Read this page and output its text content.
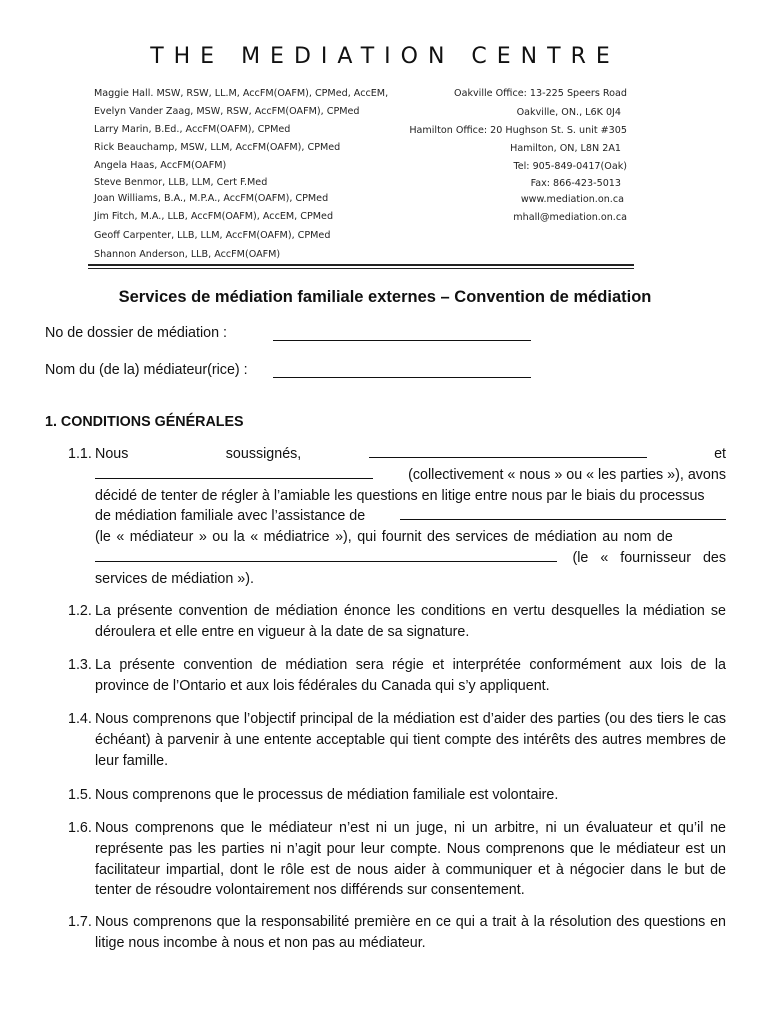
THE MEDIATION CENTRE
Maggie Hall. MSW, RSW, LL.M, AccFM(OAFM), CPMed, AccEM,
Evelyn Vander Zaag, MSW, RSW, AccFM(OAFM), CPMed
Larry Marin, B.Ed., AccFM(OAFM), CPMed
Rick Beauchamp, MSW, LLM, AccFM(OAFM), CPMed
Angela Haas, AccFM(OAFM)
Steve Benmor, LLB, LLM, Cert F.Med
Joan Williams, B.A., M.P.A., AccFM(OAFM), CPMed
Jim Fitch, M.A., LLB, AccFM(OAFM), AccEM, CPMed
Geoff Carpenter, LLB, LLM, AccFM(OAFM), CPMed
Shannon Anderson, LLB, AccFM(OAFM)
Oakville Office: 13-225 Speers Road
Oakville, ON., L6K 0J4
Hamilton Office: 20 Hughson St. S. unit #305
Hamilton, ON, L8N 2A1
Tel: 905-849-0417(Oak)
Fax: 866-423-5013
www.mediation.on.ca
mhall@mediation.on.ca
Services de médiation familiale externes – Convention de médiation
No de dossier de médiation :
Nom du (de la) médiateur(rice) :
1. CONDITIONS GÉNÉRALES
1.1. Nous	soussignés,	et
(collectivement « nous » ou « les parties »), avons
décidé de tenter de régler à l’amiable les questions en litige entre nous par le biais du processus
de médiation familiale avec l’assistance de
(le « médiateur » ou la « médiatrice »), qui fournit des services de médiation au nom de
(le « fournisseur des
services de médiation »).
1.2. La présente convention de médiation énonce les conditions en vertu desquelles la médiation se déroulera et elle entre en vigueur à la date de sa signature.
1.3. La présente convention de médiation sera régie et interprétée conformément aux lois de la province de l’Ontario et aux lois fédérales du Canada qui s’y appliquent.
1.4. Nous comprenons que l’objectif principal de la médiation est d’aider des parties (ou des tiers le cas échéant) à parvenir à une entente acceptable qui tient compte des intérêts des autres membres de leur famille.
1.5. Nous comprenons que le processus de médiation familiale est volontaire.
1.6. Nous comprenons que le médiateur n’est ni un juge, ni un arbitre, ni un évaluateur et qu’il ne représente pas les parties ni n’agit pour leur compte. Nous comprenons que le médiateur est un facilitateur impartial, dont le rôle est de nous aider à communiquer et à négocier dans le but de tenter de résoudre volontairement nos différends sur consentement.
1.7. Nous comprenons que la responsabilité première en ce qui a trait à la résolution des questions en litige nous incombe à nous et non pas au médiateur.
